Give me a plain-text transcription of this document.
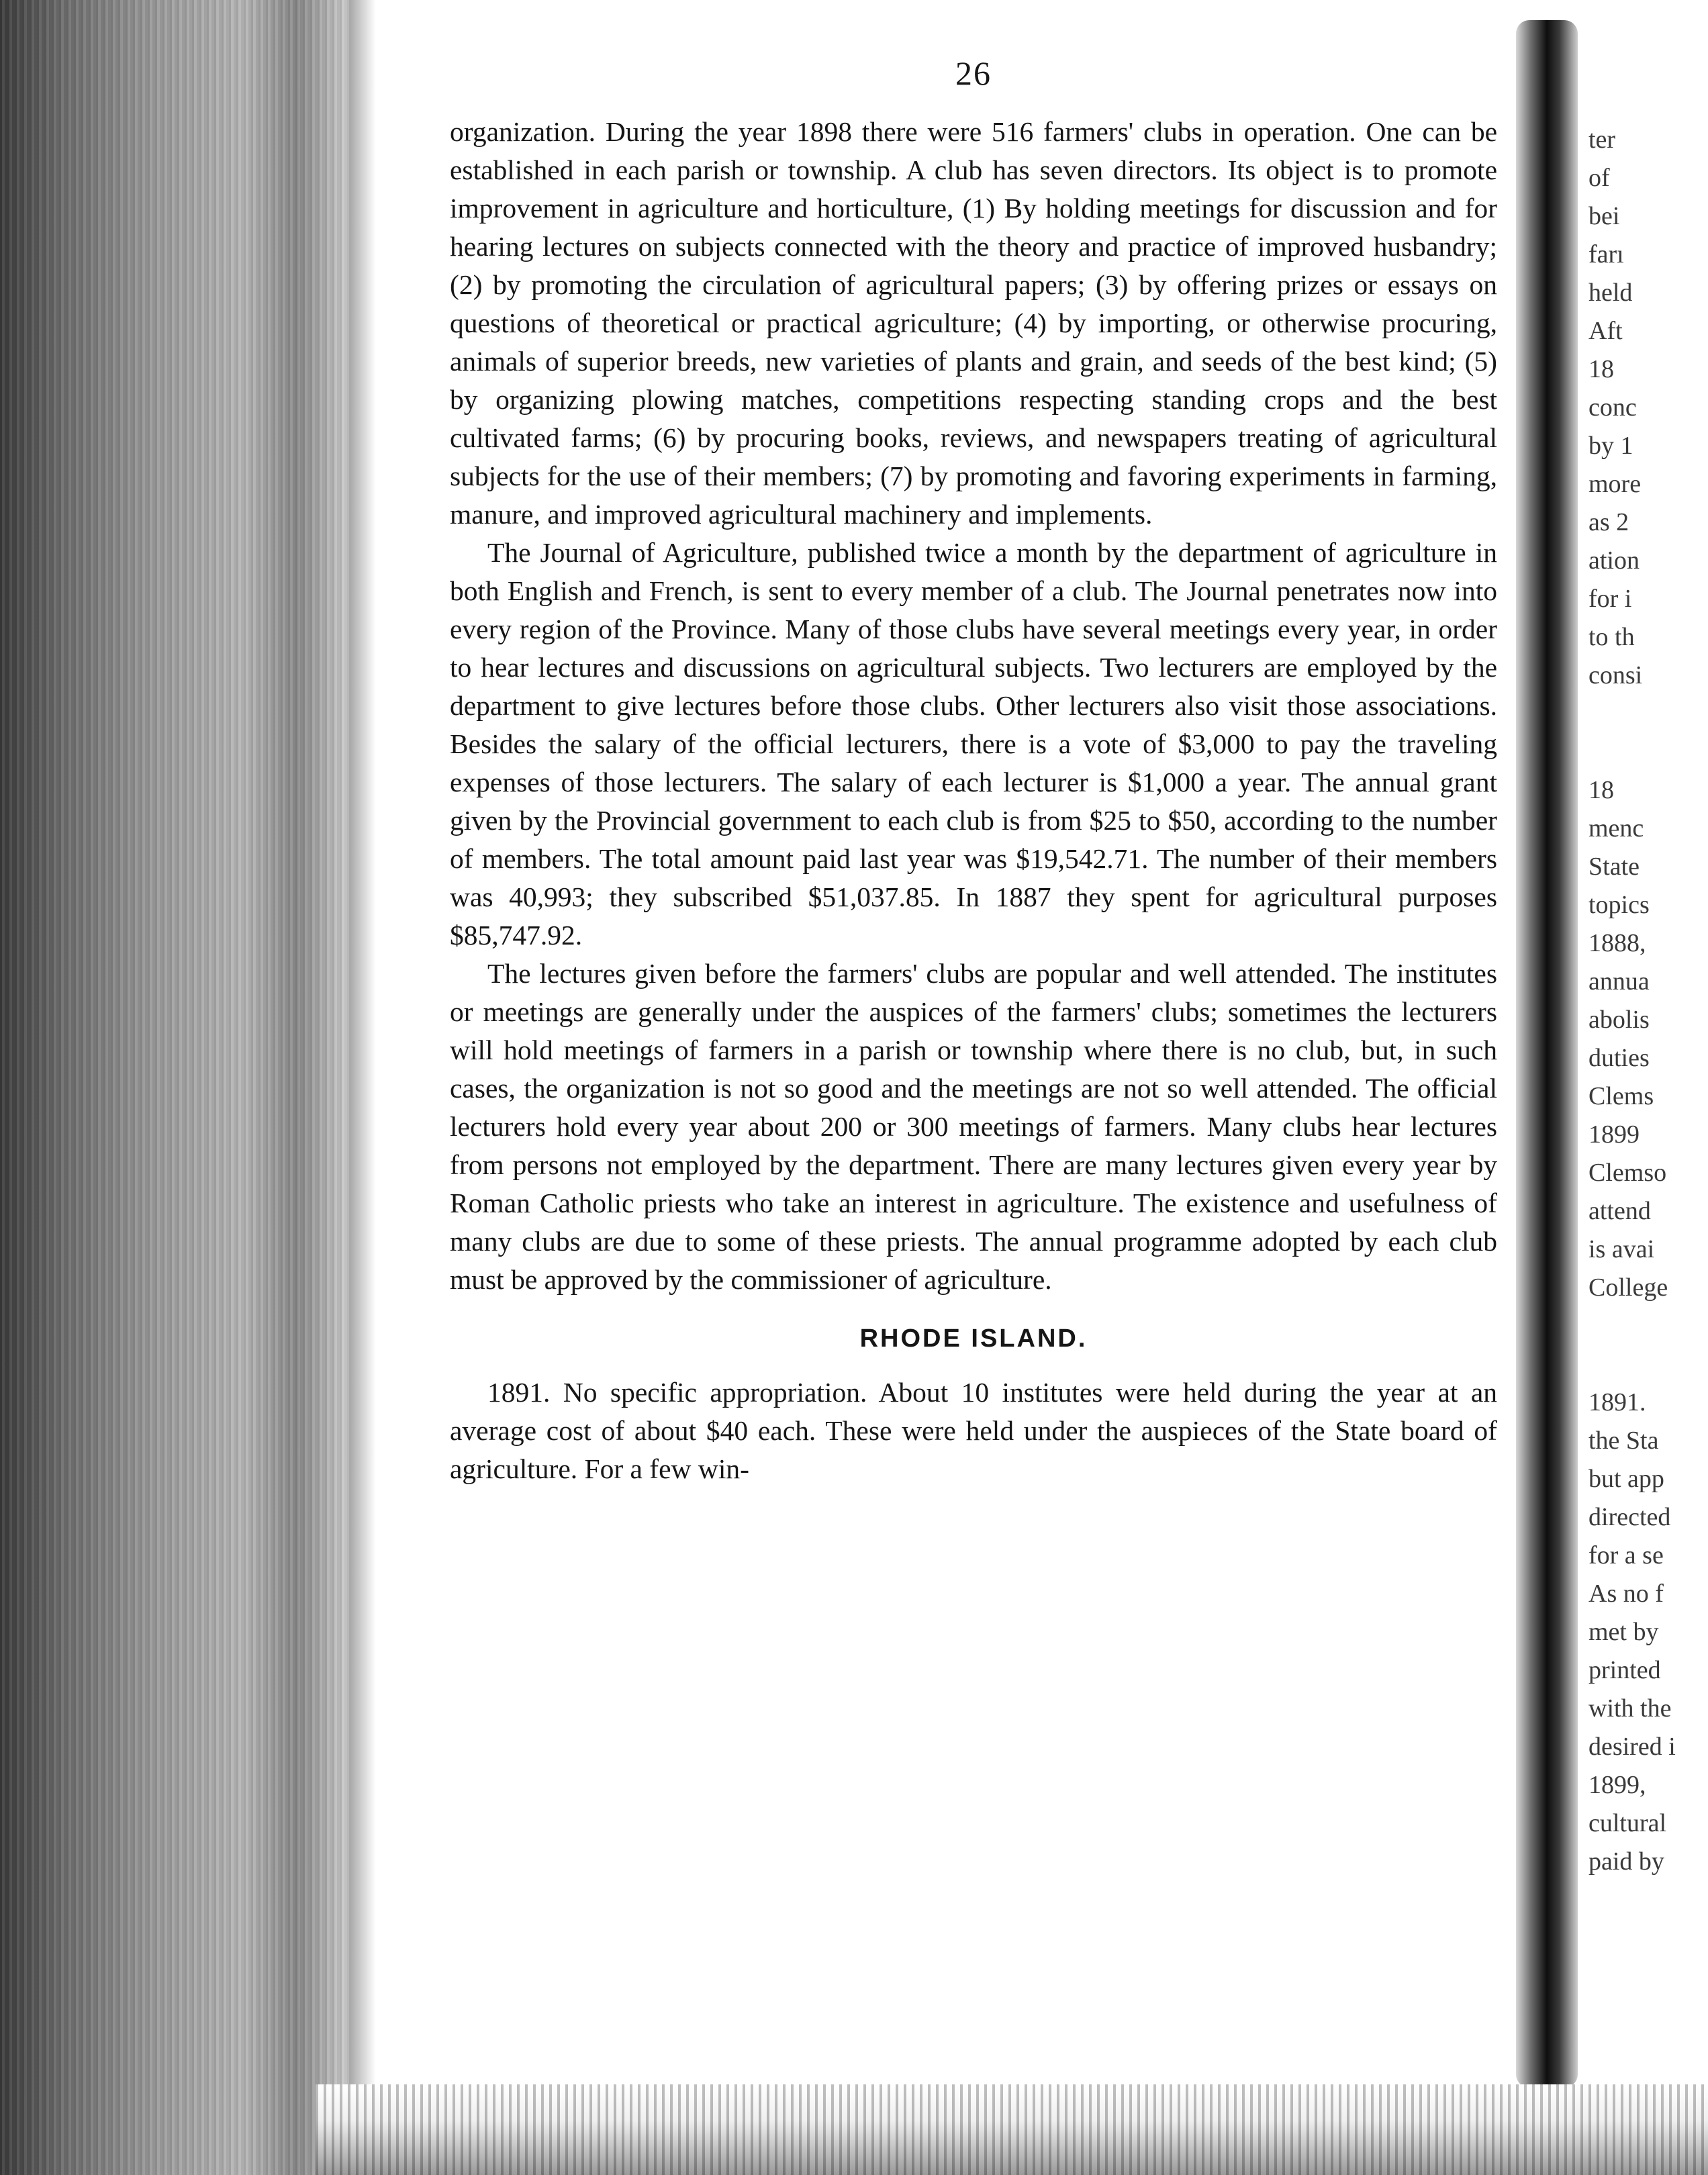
26

organization. During the year 1898 there were 516 farmers' clubs in operation. One can be established in each parish or township. A club has seven directors. Its object is to promote improvement in agriculture and horticulture, (1) By holding meetings for discussion and for hearing lectures on subjects connected with the theory and practice of improved husbandry; (2) by promoting the circulation of agricultural papers; (3) by offering prizes or essays on questions of theoretical or practical agriculture; (4) by importing, or otherwise procuring, animals of superior breeds, new varieties of plants and grain, and seeds of the best kind; (5) by organizing plowing matches, competitions respecting standing crops and the best cultivated farms; (6) by procuring books, reviews, and newspapers treating of agricultural subjects for the use of their members; (7) by promoting and favoring experiments in farming, manure, and improved agricultural machinery and implements.

The Journal of Agriculture, published twice a month by the department of agriculture in both English and French, is sent to every member of a club. The Journal penetrates now into every region of the Province. Many of those clubs have several meetings every year, in order to hear lectures and discussions on agricultural subjects. Two lecturers are employed by the department to give lectures before those clubs. Other lecturers also visit those associations. Besides the salary of the official lecturers, there is a vote of $3,000 to pay the traveling expenses of those lecturers. The salary of each lecturer is $1,000 a year. The annual grant given by the Provincial government to each club is from $25 to $50, according to the number of members. The total amount paid last year was $19,542.71. The number of their members was 40,993; they subscribed $51,037.85. In 1887 they spent for agricultural purposes $85,747.92.

The lectures given before the farmers' clubs are popular and well attended. The institutes or meetings are generally under the auspices of the farmers' clubs; sometimes the lecturers will hold meetings of farmers in a parish or township where there is no club, but, in such cases, the organization is not so good and the meetings are not so well attended. The official lecturers hold every year about 200 or 300 meetings of farmers. Many clubs hear lectures from persons not employed by the department. There are many lectures given every year by Roman Catholic priests who take an interest in agriculture. The existence and usefulness of many clubs are due to some of these priests. The annual programme adopted by each club must be approved by the commissioner of agriculture.

RHODE ISLAND.

1891. No specific appropriation. About 10 institutes were held during the year at an average cost of about $40 each. These were held under the auspieces of the State board of agriculture. For a few win-

ter
of
bei
farı
held
Aft
18
conc
by 1
more
as 2
ation
for i
to th
consi
18
menc
State
topics
1888,
annua
abolis
duties
Clems
1899
Clemso
attend
is avai
College
1891.
the Sta
but app
directed
for a se
As no f
met by
printed
with the
desired i
1899,
cultural
paid by
